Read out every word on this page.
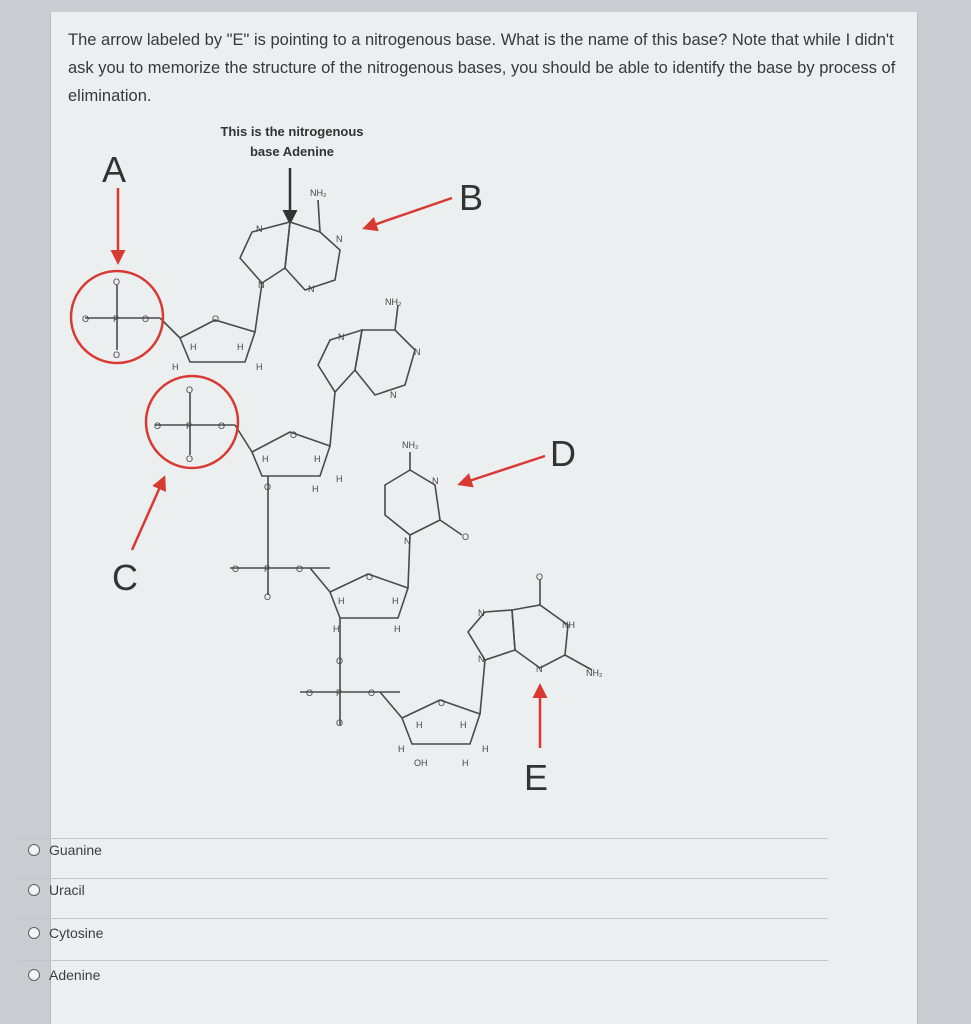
The arrow labeled by "E" is pointing to a nitrogenous base. What is the name of this base? Note that while I didn't ask you to memorize the structure of the nitrogenous bases, you should be able to identify the base by process of elimination.
This is the nitrogenous
base Adenine
NH₂
N
N
N
N
O
H	H
H	H
O	P	O
O
O
NH₂
N
N
N
O
O	P	O
O
O
H	H
H
H
NH₂
N
O
N
O
O	P	O
O
O
H	H
H	H
O
NH
NH₂
N
N
N
O
O	P	O
O
O
H	H
H
OH	H
H
A
B
C
D
E
Guanine
Uracil
Cytosine
Adenine
